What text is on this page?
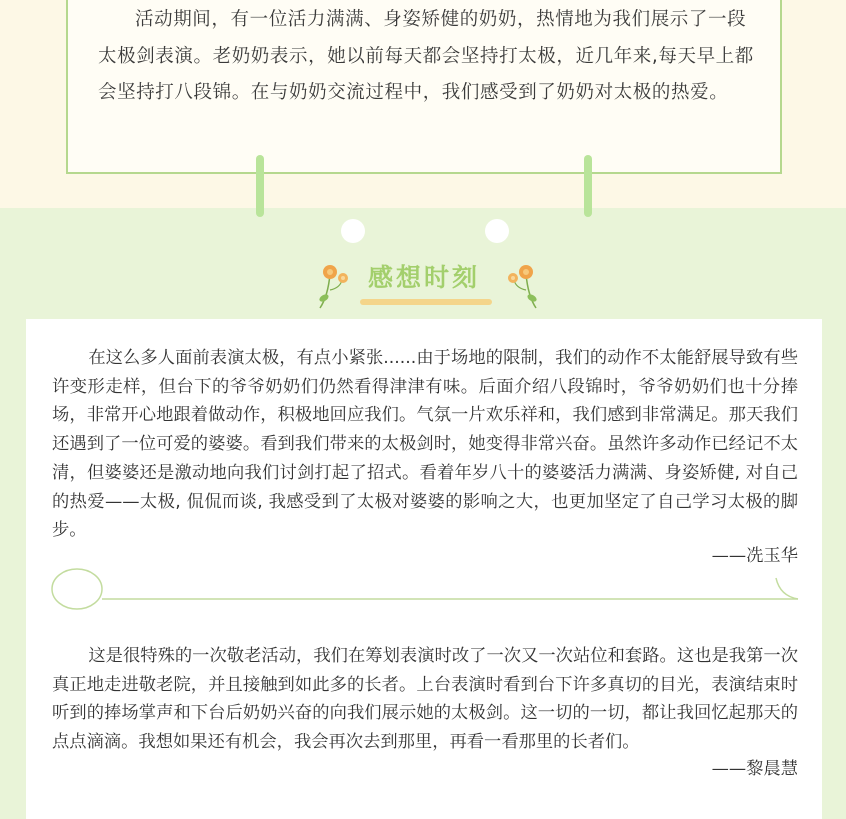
活动期间，有一位活力满满、身姿矫健的奶奶，热情地为我们展示了一段太极剑表演。老奶奶表示，她以前每天都会坚持打太极，近几年来,每天早上都会坚持打八段锦。在与奶奶交流过程中，我们感受到了奶奶对太极的热爱。

感想时刻

在这么多人面前表演太极，有点小紧张......由于场地的限制，我们的动作不太能舒展导致有些许变形走样，但台下的爷爷奶奶们仍然看得津津有味。后面介绍八段锦时，爷爷奶奶们也十分捧场，非常开心地跟着做动作，积极地回应我们。气氛一片欢乐祥和，我们感到非常满足。那天我们还遇到了一位可爱的婆婆。看到我们带来的太极剑时，她变得非常兴奋。虽然许多动作已经记不太清，但婆婆还是激动地向我们讨剑打起了招式。看着年岁八十的婆婆活力满满、身姿矫健, 对自己的热爱——太极, 侃侃而谈, 我感受到了太极对婆婆的影响之大，也更加坚定了自己学习太极的脚步。

——冼玉华

这是很特殊的一次敬老活动，我们在筹划表演时改了一次又一次站位和套路。这也是我第一次真正地走进敬老院，并且接触到如此多的长者。上台表演时看到台下许多真切的目光，表演结束时听到的捧场掌声和下台后奶奶兴奋的向我们展示她的太极剑。这一切的一切，都让我回忆起那天的点点滴滴。我想如果还有机会，我会再次去到那里，再看一看那里的长者们。

——黎晨慧
